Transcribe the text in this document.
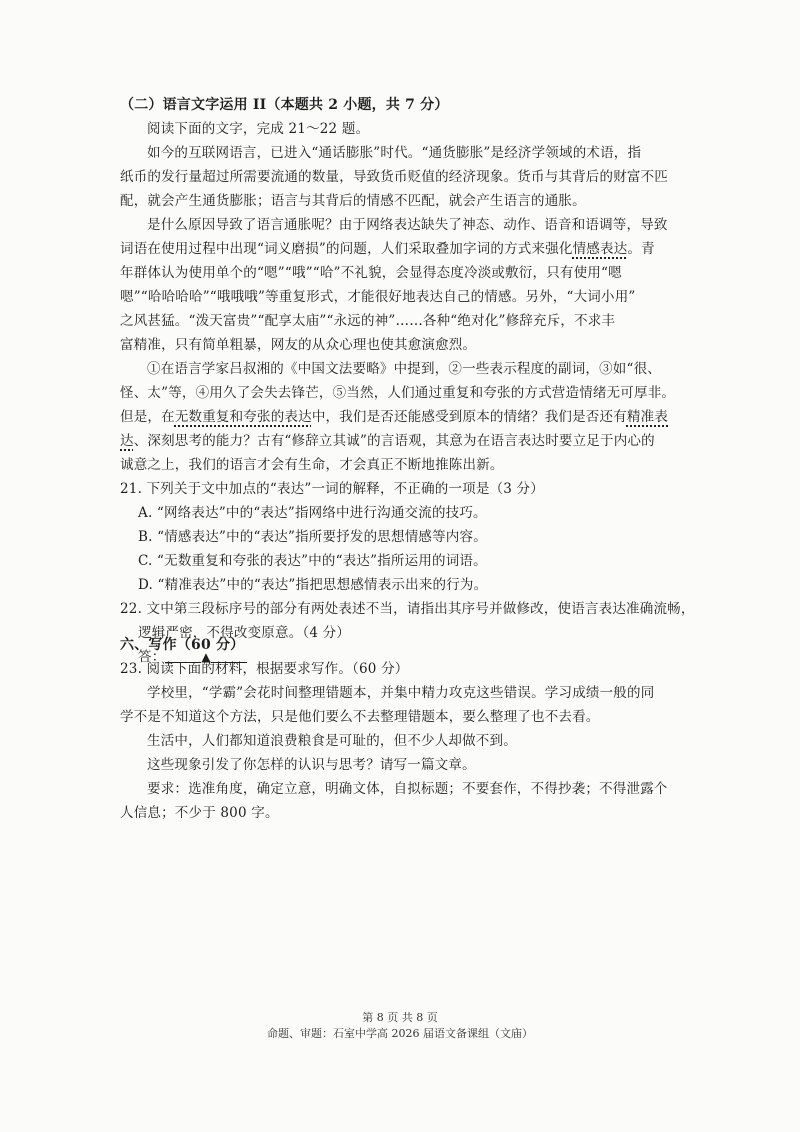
（二）语言文字运用 II（本题共 2 小题，共 7 分）

阅读下面的文字，完成 21～22 题。

如今的互联网语言，已进入“通话膨胀”时代。“通货膨胀”是经济学领域的术语，指

纸币的发行量超过所需要流通的数量，导致货币贬值的经济现象。货币与其背后的财富不匹

配，就会产生通货膨胀；语言与其背后的情感不匹配，就会产生语言的通胀。

是什么原因导致了语言通胀呢？由于网络表达缺失了神态、动作、语音和语调等，导致

词语在使用过程中出现“词义磨损”的问题，人们采取叠加字词的方式来强化情感表达。青

年群体认为使用单个的“嗯”“哦”“哈”不礼貌，会显得态度冷淡或敷衍，只有使用“嗯

嗯”“哈哈哈哈”“哦哦哦”等重复形式，才能很好地表达自己的情感。另外，“大词小用”

之风甚猛。“泼天富贵”“配享太庙”“永远的神”……各种“绝对化”修辞充斥，不求丰

富精准，只有简单粗暴，网友的从众心理也使其愈演愈烈。

①在语言学家吕叔湘的《中国文法要略》中提到，②一些表示程度的副词，③如“很、

怪、太”等，④用久了会失去锋芒，⑤当然，人们通过重复和夸张的方式营造情绪无可厚非。

但是，在无数重复和夸张的表达中，我们是否还能感受到原本的情绪？我们是否还有精准表

达、深刻思考的能力？古有“修辞立其诚”的言语观，其意为在语言表达时要立足于内心的

诚意之上，我们的语言才会有生命，才会真正不断地推陈出新。

21. 下列关于文中加点的“表达”一词的解释，不正确的一项是（3 分）

A. “网络表达”中的“表达”指网络中进行沟通交流的技巧。

B. “情感表达”中的“表达”指所要抒发的思想情感等内容。

C. “无数重复和夸张的表达”中的“表达”指所运用的词语。

D. “精准表达”中的“表达”指把思想感情表示出来的行为。

22. 文中第三段标序号的部分有两处表述不当，请指出其序号并做修改，使语言表达准确流畅，

逻辑严密，不得改变原意。（4 分）

答：	▲

六、写作（60 分）

23. 阅读下面的材料，根据要求写作。（60 分）

学校里，“学霸”会花时间整理错题本，并集中精力攻克这些错误。学习成绩一般的同

学不是不知道这个方法，只是他们要么不去整理错题本，要么整理了也不去看。

生活中，人们都知道浪费粮食是可耻的，但不少人却做不到。

这些现象引发了你怎样的认识与思考？请写一篇文章。

要求：选准角度，确定立意，明确文体，自拟标题；不要套作，不得抄袭；不得泄露个

人信息；不少于 800 字。

第 8 页 共 8 页
命题、审题：石室中学高 2026 届语文备课组（文庙）
